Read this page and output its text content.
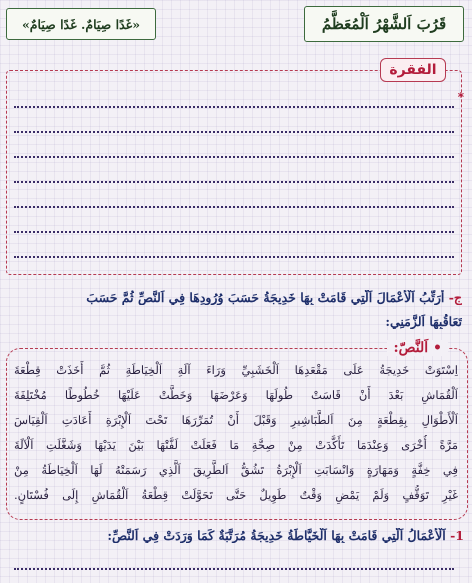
قَرُبَ اَلشَّهْرُ اَلْمُعَظَّمُ
«غَدًا صِيَامٌ. غَدًا صِيَامٌ»
الفقرة
*
ج- أُرَتِّبُ اَلْأَعْمَالَ اَلَّتِي قَامَتْ بِهَا خَدِيجَةُ حَسَبَ وُرُودِهَا فِي اَلنَّصِّ ثُمَّ حَسَبَ
تَعَاقُبِهَا اَلزَّمَنِي:
• اَلنَّصّ:
اِسْتَوَتْ خَدِيجَةُ عَلَى مَقْعَدِهَا اَلْخَشَبِيِّ وَرَاءَ آلَةِ اَلْخِيَاطَةِ ثُمَّ أَخَذَتْ قِطْعَةَ
اَلْقُمَاشِ بَعْدَ أَنْ قَاسَتْ طُولَهَا وَعَرْضَهَا وَخَطَّتْ عَلَيْهَا خُطُوطًا مُخْتَلِفَةَ
اَلْأَطْوَالِ بِقِطْعَةٍ مِنَ اَلطَّبَاشِيرِ وَقَبْلَ أَنْ تُمَرِّرَهَا تَحْتَ اَلْإِبْرَةِ أَعَادَتِ اَلْقِيَاسَ
مَرَّةً أُخْرَى وَعِنْدَمَا تَأَكَّدَتْ مِنْ صِحَّةِ مَا فَعَلَتْ لَفَّتْهَا بَيْنَ يَدَيْهَا وَشَغَّلَتِ اَلْآلَةَ
فِي خِفَّةٍ وَمَهَارَةٍ وَانْسَابَتِ اَلْإِبْرَةُ تَشُقُّ اَلطَّرِيقَ اَلَّذِي رَسَمَتْهُ لَهَا اَلْخِيَاطَةُ مِنْ
غَيْرِ تَوَقُّفٍ وَلَمْ يَمْضِ وَقْتٌ طَوِيلٌ حَتَّى تَحَوَّلَتْ قِطْعَةُ اَلْقُمَاشِ إِلَى فُسْتَانٍ.
1- اَلْأَعْمَالُ اَلَّتِي قَامَتْ بِهَا اَلْخَيَّاطَةُ خَدِيجَةُ مُرَتَّبَةٌ كَمَا وَرَدَتْ فِي اَلنَّصِّ:
